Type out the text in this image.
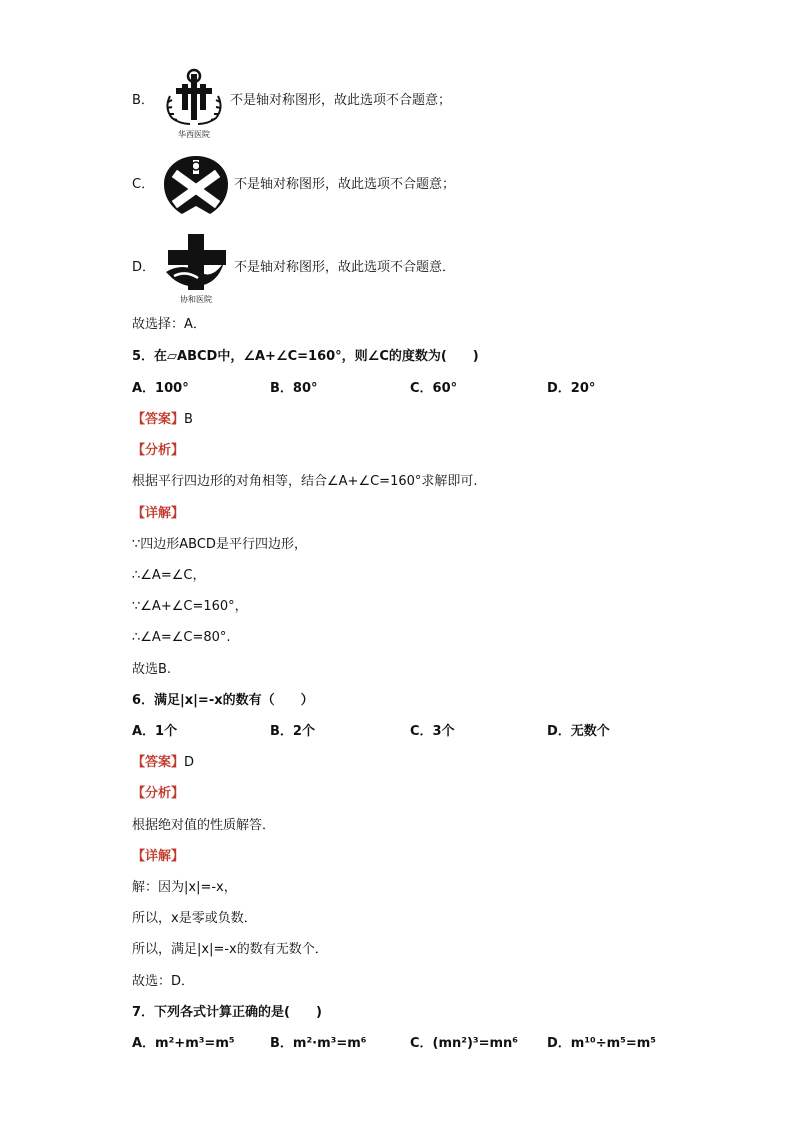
B．
华西医院
不是轴对称图形，故此选项不合题意；
C．	不是轴对称图形，故此选项不合题意；
D．
协和医院
不是轴对称图形，故此选项不合题意．
故选择：A．
5．在▱ABCD中，∠A+∠C=160°，则∠C的度数为(　　)
A．100°	B．80°	C．60°	D．20°
【答案】B
【分析】
根据平行四边形的对角相等，结合∠A+∠C=160°求解即可.
【详解】
∵四边形ABCD是平行四边形，
∴∠A=∠C，
∵∠A+∠C=160°，
∴∠A=∠C=80°.
故选B.
6．满足|x|=-x的数有（　　）
A．1个	B．2个	C．3个	D．无数个
【答案】D
【分析】
根据绝对值的性质解答．
【详解】
解：因为|x|=-x，
所以，x是零或负数．
所以，满足|x|=-x的数有无数个．
故选：D．
7．下列各式计算正确的是(　　)
A．m²+m³=m⁵	B．m²·m³=m⁶	C．(mn²)³=mn⁶ D．m¹⁰÷m⁵=m⁵
